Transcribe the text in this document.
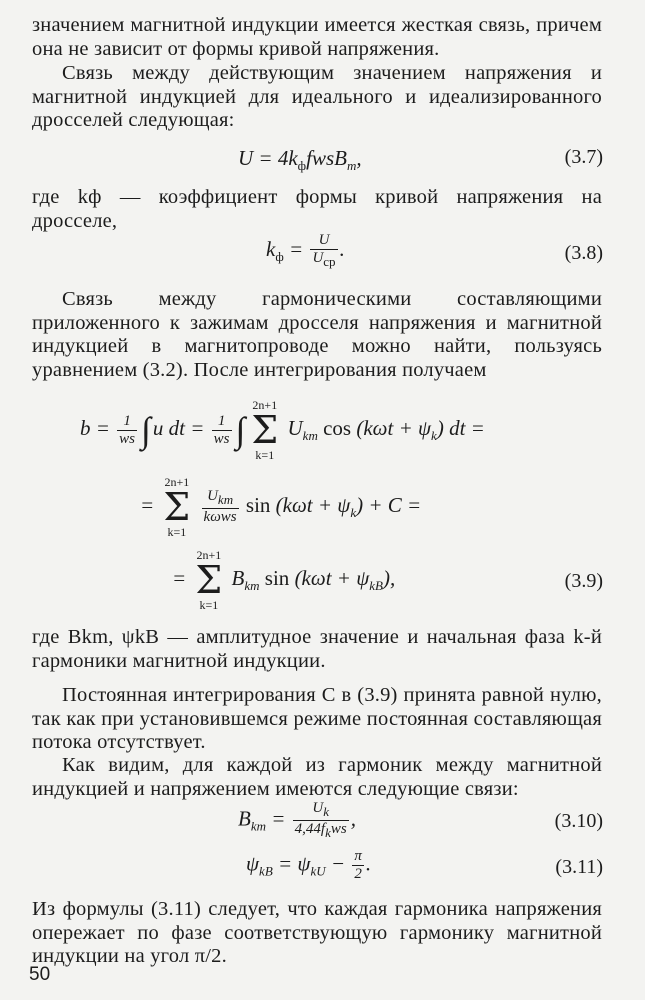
значением магнитной индукции имеется жесткая связь, причем она не зависит от формы кривой напряжения.
Связь между действующим значением напряжения и магнитной индукцией для идеального и идеализированного дросселей следующая:
$U = 4k_фfwsB_m$,	(3.7)
где kф — коэффициент формы кривой напряжения на дросселе,
$k_ф = \frac{U}{U_{ср}}$ .	(3.8)
Связь между гармоническими составляющими приложенного к зажимам дросселя напряжения и магнитной индукцией в магнитопроводе можно найти, пользуясь уравнением (3.2). После интегрирования получаем
$b = \frac{1}{ws} \int u$ dt = $\frac{1}{ws}$ ∫
2n+1
Σ
k=1
$U_{km}$ $\cos (k\omega t + \psi_k)$ dt =
=
2n+1
Σ
k=1

$\frac{U_{km}}{\text{kωws}}$ $\sin (k\omega t + \psi_k) + C$ =
=
2n+1
Σ
k=1
$B_{km}$ $\sin (k\omega t + \psi_{kB})$,	(3.9)
где Bkm, ψkB — амплитудное значение и начальная фаза k-й гармоники магнитной индукции.
Постоянная интегрирования C в (3.9) принята равной нулю, так как при установившемся режиме постоянная составляющая потока отсутствует.
Как видим, для каждой из гармоник между магнитной индукцией и напряжением имеются следующие связи:
$B_{km} = \frac{U_k}{4,44f_kws}$ ,	(3.10)
$\psi_{kB} = \psi_{kU} - \frac{\pi}{2}$ .	(3.11)
Из формулы (3.11) следует, что каждая гармоника напряжения опережает по фазе соответствующую гармонику магнитной индукции на угол π/2.
50
